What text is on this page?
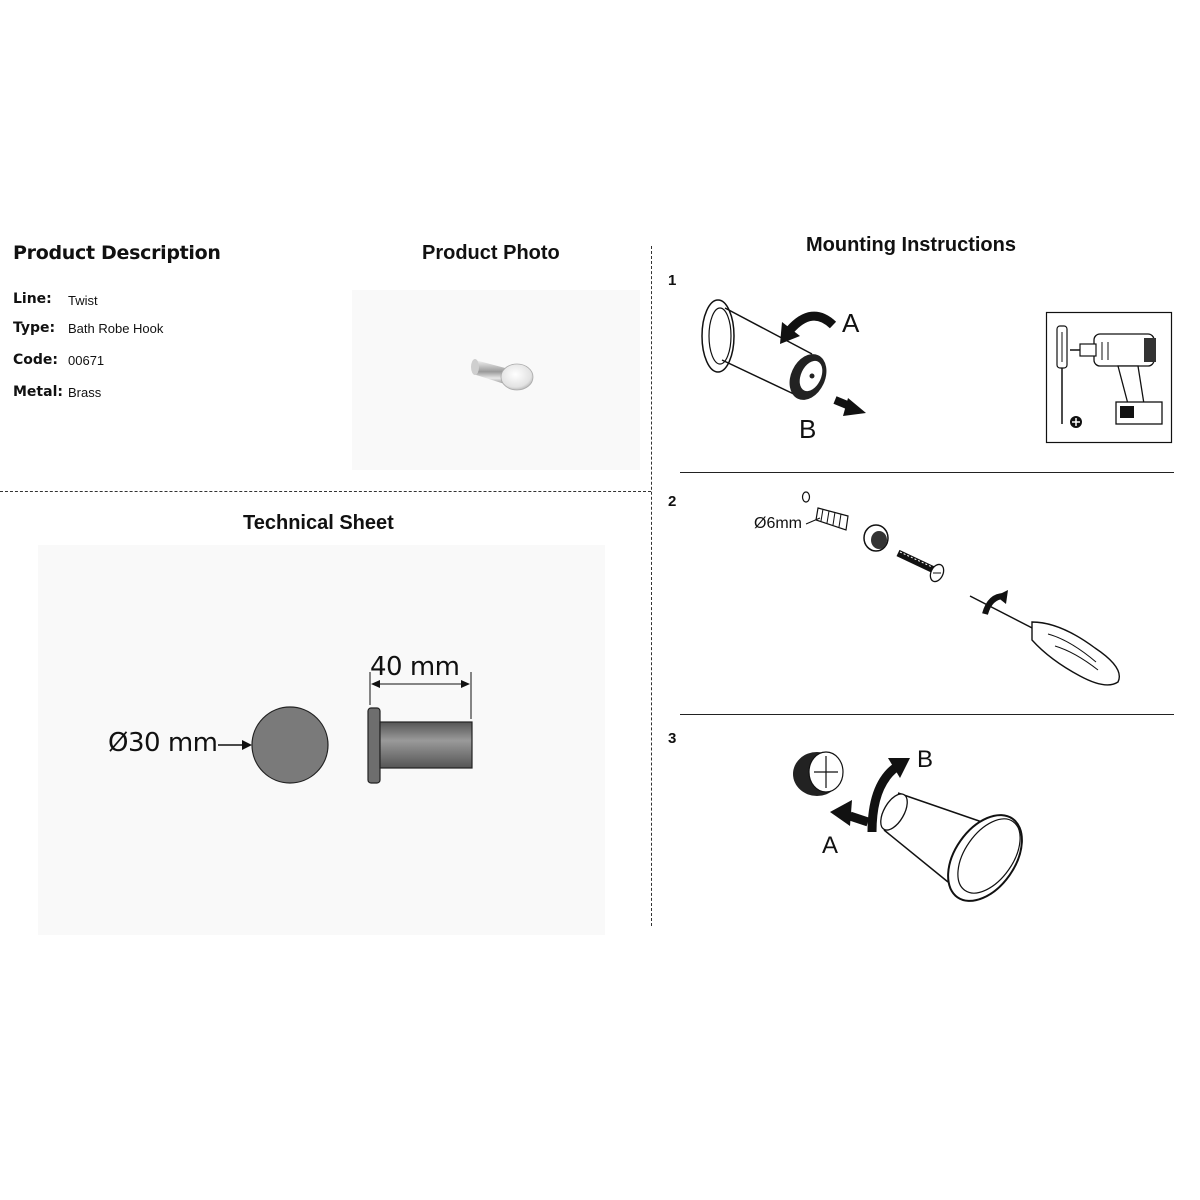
Product Description
Line: Twist
Type: Bath Robe Hook
Code: 00671
Metal: Brass
Product Photo
Technical Sheet
Ø30 mm
40 mm
Mounting Instructions
1
2
3
A
B
Ø6mm
B
A
